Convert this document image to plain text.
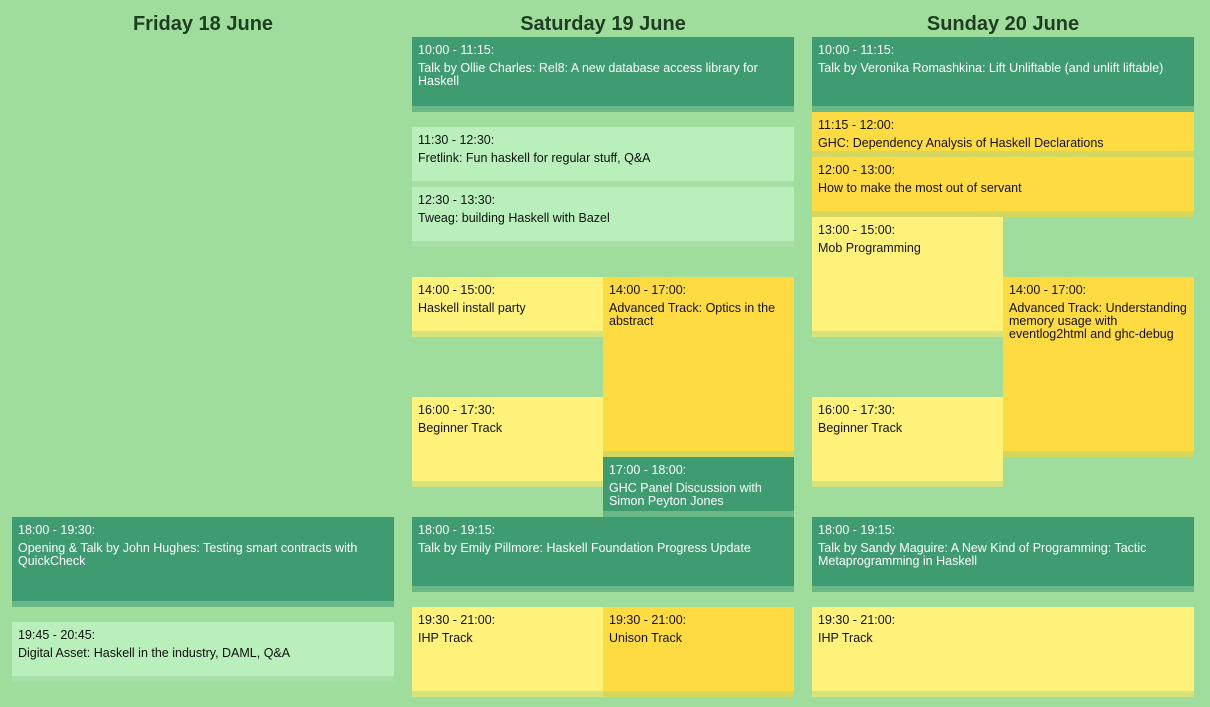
Friday 18 June	Saturday 19 June	Sunday 20 June
18:00 - 19:30:
Opening & Talk by John Hughes: Testing smart contracts with QuickCheck
19:45 - 20:45:
Digital Asset: Haskell in the industry, DAML, Q&A
10:00 - 11:15:
Talk by Ollie Charles: Rel8: A new database access library for Haskell
11:30 - 12:30:
Fretlink: Fun haskell for regular stuff, Q&A
12:30 - 13:30:
Tweag: building Haskell with Bazel
14:00 - 15:00:
Haskell install party
14:00 - 17:00:
Advanced Track: Optics in the abstract
16:00 - 17:30:
Beginner Track
17:00 - 18:00:
GHC Panel Discussion with Simon Peyton Jones
18:00 - 19:15:
Talk by Emily Pillmore: Haskell Foundation Progress Update
19:30 - 21:00:
IHP Track
19:30 - 21:00:
Unison Track
10:00 - 11:15:
Talk by Veronika Romashkina: Lift Unliftable (and unlift liftable)
11:15 - 12:00:
GHC: Dependency Analysis of Haskell Declarations
12:00 - 13:00:
How to make the most out of servant
13:00 - 15:00:
Mob Programming
14:00 - 17:00:
Advanced Track: Understanding memory usage with eventlog2html and ghc-debug
16:00 - 17:30:
Beginner Track
18:00 - 19:15:
Talk by Sandy Maguire: A New Kind of Programming: Tactic Metaprogramming in Haskell
19:30 - 21:00:
IHP Track
